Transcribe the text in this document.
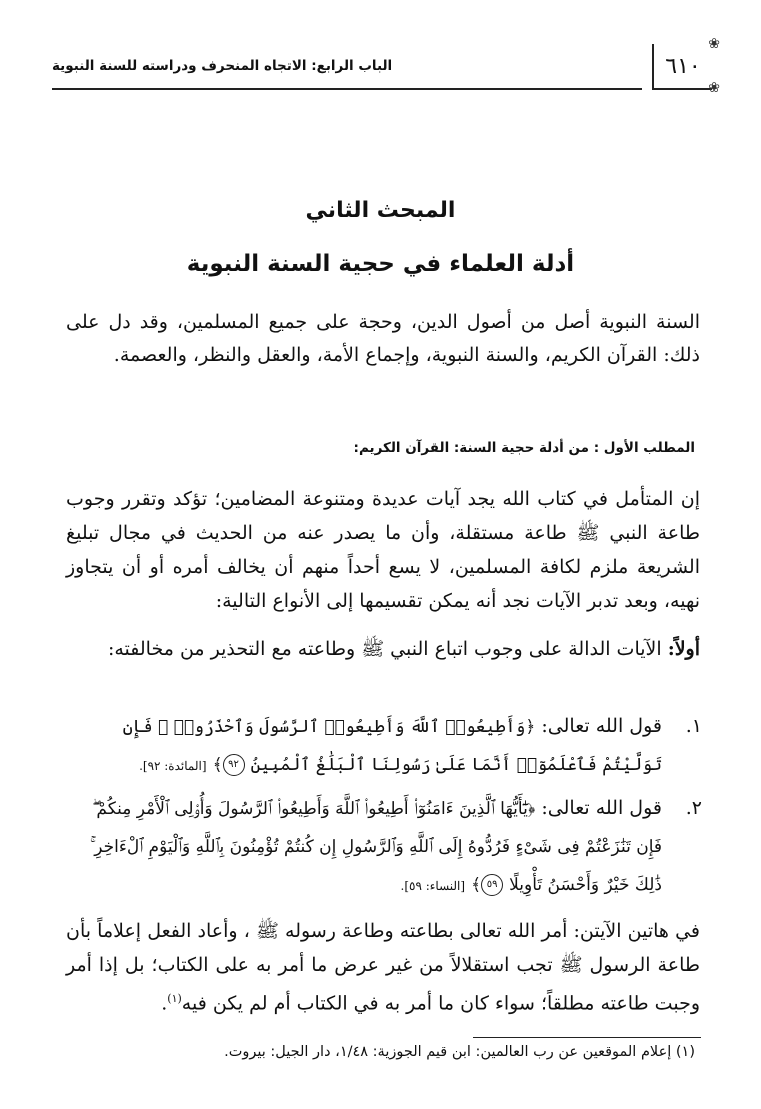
٦١٠
❀
❀
الباب الرابع: الاتجاه المنحرف ودراسته للسنة النبوية
المبحث الثاني
أدلة العلماء في حجية السنة النبوية
السنة النبوية أصل من أصول الدين، وحجة على جميع المسلمين، وقد دل على ذلك: القرآن الكريم، والسنة النبوية، وإجماع الأمة، والعقل والنظر، والعصمة.
المطلب الأول : من أدلة حجية السنة: القرآن الكريم:
إن المتأمل في كتاب الله يجد آيات عديدة ومتنوعة المضامين؛ تؤكد وتقرر وجوب طاعة النبي ﷺ طاعة مستقلة، وأن ما يصدر عنه من الحديث في مجال تبليغ الشريعة ملزم لكافة المسلمين، لا يسع أحداً منهم أن يخالف أمره أو أن يتجاوز نهيه، وبعد تدبر الآيات نجد أنه يمكن تقسيمها إلى الأنواع التالية:
أولاً: الآيات الدالة على وجوب اتباع النبي ﷺ وطاعته مع التحذير من مخالفته:
١.
قول الله تعالى: ﴿وَأَطِيعُوا۟ ٱللَّهَ وَأَطِيعُوا۟ ٱلرَّسُولَ وَٱحْذَرُوا۟ ۚ فَإِن تَوَلَّيْتُمْ فَٱعْلَمُوٓا۟ أَنَّمَا عَلَىٰ رَسُولِنَا ٱلْبَلَٰغُ ٱلْمُبِينُ ٩٢﴾ [المائدة: ٩٢].
٢.
قول الله تعالى: ﴿يَٰٓأَيُّهَا ٱلَّذِينَ ءَامَنُوٓا۟ أَطِيعُوا۟ ٱللَّهَ وَأَطِيعُوا۟ ٱلرَّسُولَ وَأُو۟لِى ٱلْأَمْرِ مِنكُمْ ۖ فَإِن تَنَٰزَعْتُمْ فِى شَىْءٍ فَرُدُّوهُ إِلَى ٱللَّهِ وَٱلرَّسُولِ إِن كُنتُمْ تُؤْمِنُونَ بِٱللَّهِ وَٱلْيَوْمِ ٱلْءَاخِرِ ۚ ذَٰلِكَ خَيْرٌ وَأَحْسَنُ تَأْوِيلًا ٥٩﴾ [النساء: ٥٩].
في هاتين الآيتن: أمر الله تعالى بطاعته وطاعة رسوله ﷺ ، وأعاد الفعل إعلاماً بأن طاعة الرسول ﷺ تجب استقلالاً من غير عرض ما أمر به على الكتاب؛ بل إذا أمر وجبت طاعته مطلقاً؛ سواء كان ما أمر به في الكتاب أم لم يكن فيه$^{(١)}$.
(١) إعلام الموقعين عن رب العالمين: ابن قيم الجوزية: ١/٤٨، دار الجيل: بيروت.
